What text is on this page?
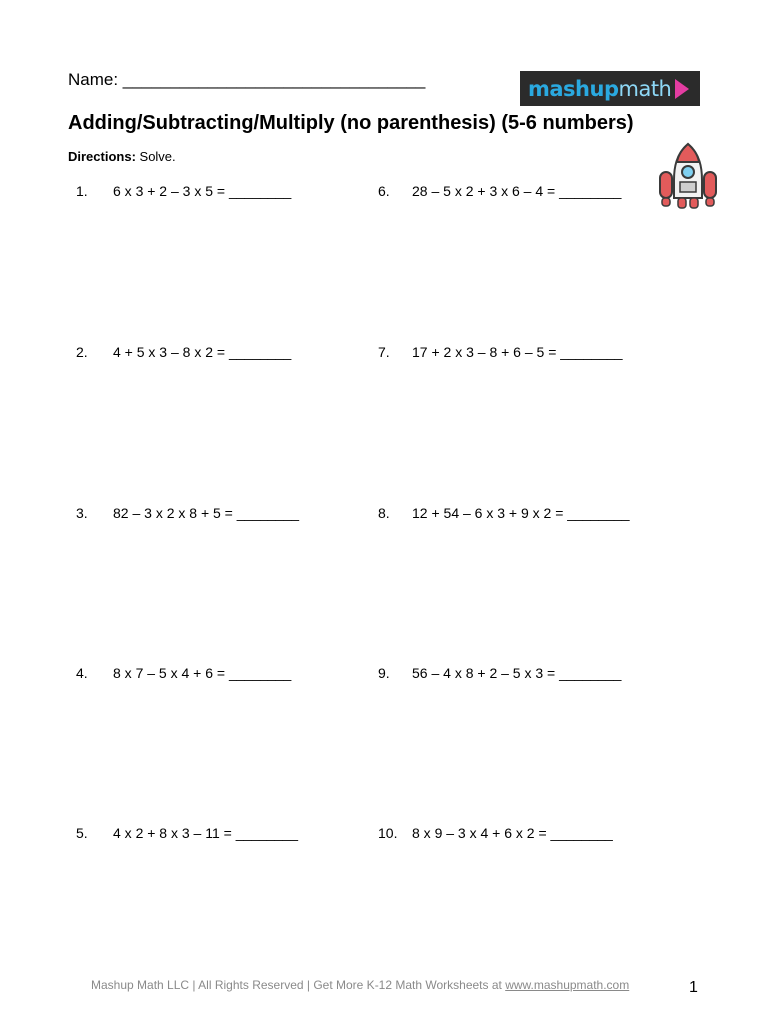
Name: ________________________________	mashupmath
Adding/Subtracting/Multiply (no parenthesis) (5-6 numbers)
Directions: Solve.
1. 6 x 3 + 2 – 3 x 5 = ________
2. 4 + 5 x 3 – 8 x 2 = ________
3. 82 – 3 x 2 x 8 + 5 = ________
4. 8 x 7 – 5 x 4 + 6 = ________
5. 4 x 2 + 8 x 3 – 11 = ________
6. 28 – 5 x 2 + 3 x 6 – 4 = ________
7. 17 + 2 x 3 – 8 + 6 – 5 = ________
8. 12 + 54 – 6 x 3 + 9 x 2 = ________
9. 56 – 4 x 8 + 2 – 5 x 3 = ________
10. 8 x 9 – 3 x 4 + 6 x 2 = ________
Mashup Math LLC | All Rights Reserved | Get More K-12 Math Worksheets at www.mashupmath.com	1
